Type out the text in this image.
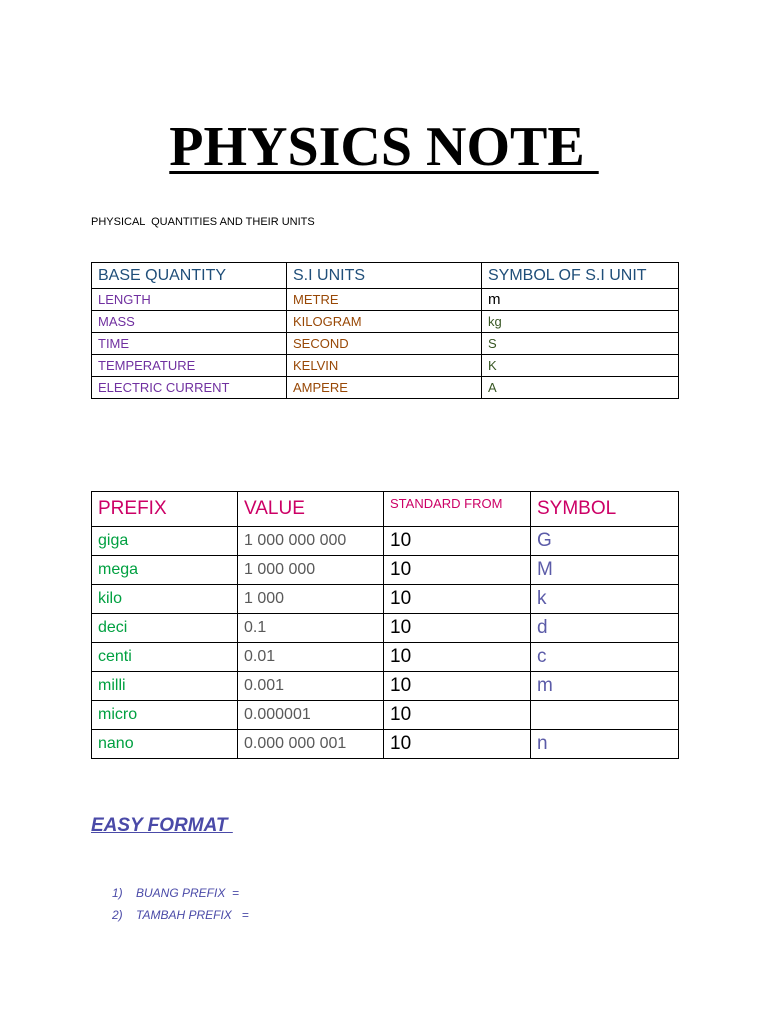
PHYSICS NOTE
PHYSICAL  QUANTITIES AND THEIR UNITS
BASE QUANTITY	S.I UNITS	SYMBOL OF S.I UNIT
LENGTH	METRE	m
MASS	KILOGRAM	kg
TIME	SECOND	S
TEMPERATURE	KELVIN	K
ELECTRIC CURRENT	AMPERE	A
PREFIX	VALUE	STANDARD FROM	SYMBOL
giga	1 000 000 000	10	G
mega	1 000 000	10	M
kilo	1 000	10	k
deci	0.1	10	d
centi	0.01	10	c
milli	0.001	10	m
micro	0.000001	10	
nano	0.000 000 001	10	n
EASY FORMAT
1) BUANG PREFIX  =
2) TAMBAH PREFIX   =
